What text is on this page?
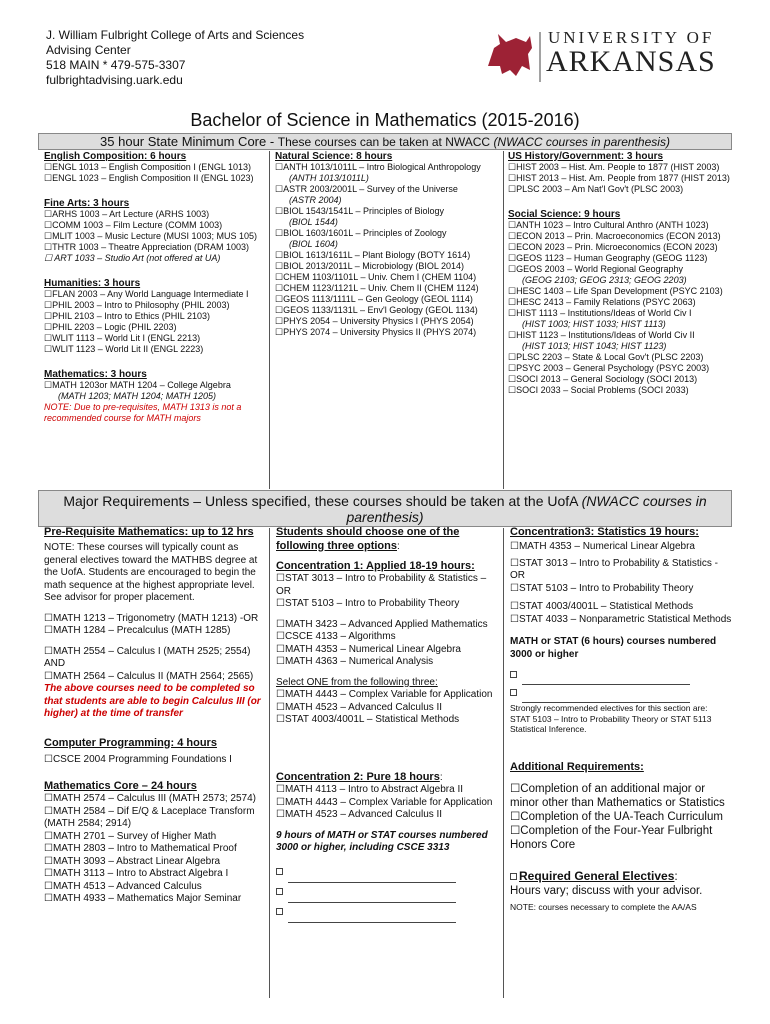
J. William Fulbright College of Arts and Sciences
Advising Center
518 MAIN * 479-575-3307
fulbrightadvising.uark.edu
UNIVERSITY OF
ARKANSAS
Bachelor of Science in Mathematics (2015-2016)
35 hour State Minimum Core - These courses can be taken at NWACC (NWACC courses in parenthesis)
English Composition: 6 hours
☐ENGL 1013 – English Composition I (ENGL 1013)
☐ENGL 1023 – English Composition II (ENGL 1023)
Fine Arts: 3 hours
☐ARHS 1003 – Art Lecture (ARHS 1003)
☐COMM 1003 – Film Lecture (COMM 1003)
☐MLIT 1003 – Music Lecture (MUSI 1003; MUS 105)
☐THTR 1003 – Theatre Appreciation (DRAM 1003)
☐ ART 1033 – Studio Art (not offered at UA)
Humanities: 3 hours
☐FLAN 2003 – Any World Language Intermediate I
☐PHIL 2003 – Intro to Philosophy (PHIL 2003)
☐PHIL 2103 – Intro to Ethics (PHIL 2103)
☐PHIL 2203 – Logic (PHIL 2203)
☐WLIT 1113 – World Lit I (ENGL 2213)
☐WLIT 1123 – World Lit II (ENGL 2223)
Mathematics: 3 hours
☐MATH 1203or MATH 1204 – College Algebra
(MATH 1203; MATH 1204; MATH 1205)
NOTE: Due to pre-requisites, MATH 1313 is not a recommended course for MATH majors
Natural Science: 8 hours
☐ANTH 1013/1011L – Intro Biological Anthropology
(ANTH 1013/1011L)
☐ASTR 2003/2001L – Survey of the Universe
(ASTR 2004)
☐BIOL 1543/1541L – Principles of Biology
(BIOL 1544)
☐BIOL 1603/1601L – Principles of Zoology
(BIOL 1604)
☐BIOL 1613/1611L – Plant Biology (BOTY 1614)
☐BIOL 2013/2011L – Microbiology (BIOL 2014)
☐CHEM 1103/1101L – Univ. Chem I (CHEM 1104)
☐CHEM 1123/1121L – Univ. Chem II (CHEM 1124)
☐GEOS 1113/1111L – Gen Geology (GEOL 1114)
☐GEOS 1133/1131L – Env'l Geology (GEOL 1134)
☐PHYS 2054 – University Physics I (PHYS 2054) ☐PHYS 2074 – University Physics II (PHYS 2074)
US History/Government: 3 hours
☐HIST 2003 – Hist. Am. People to 1877 (HIST 2003)
☐HIST 2013 – Hist. Am. People from 1877 (HIST 2013)
☐PLSC 2003 – Am Nat'l Gov't (PLSC 2003)
Social Science: 9 hours
☐ANTH 1023 – Intro Cultural Anthro (ANTH 1023)
☐ECON 2013 – Prin. Macroeconomics (ECON 2013)
☐ECON 2023 – Prin. Microeconomics (ECON 2023)
☐GEOS 1123 – Human Geography (GEOG 1123)
☐GEOS 2003 – World Regional Geography
(GEOG 2103; GEOG 2313; GEOG 2203)
☐HESC 1403 – Life Span Development (PSYC 2103)
☐HESC 2413 – Family Relations (PSYC 2063)
☐HIST 1113 – Institutions/Ideas of World Civ I
(HIST 1003; HIST 1033; HIST 1113)
☐HIST 1123 – Institutions/Ideas of World Civ II
(HIST 1013; HIST 1043; HIST 1123)
☐PLSC 2203 – State & Local Gov't (PLSC 2203)
☐PSYC 2003 – General Psychology (PSYC 2003)
☐SOCI 2013 – General Sociology (SOCI 2013)
☐SOCI 2033 – Social Problems (SOCI 2033)
Major Requirements – Unless specified, these courses should be taken at the UofA (NWACC courses in parenthesis)
Pre-Requisite Mathematics: up to 12 hrs
NOTE: These courses will typically count as general electives toward the MATHBS degree at the UofA. Students are encouraged to begin the math sequence at the highest appropriate level. See advisor for proper placement.
☐MATH 1213 – Trigonometry (MATH 1213) -OR
☐MATH 1284 – Precalculus (MATH 1285)
☐MATH 2554 – Calculus I (MATH 2525; 2554) AND
☐MATH 2564 – Calculus II (MATH 2564; 2565)
The above courses need to be completed so that students are able to begin Calculus III (or higher) at the time of transfer
Computer Programming: 4 hours
☐CSCE 2004 Programming Foundations I
Mathematics Core – 24 hours
☐MATH 2574 – Calculus III (MATH 2573; 2574)
☐MATH 2584 – Dif E/Q & Laceplace Transform (MATH 2584; 2914)
☐MATH 2701 – Survey of Higher Math
☐MATH 2803 – Intro to Mathematical Proof
☐MATH 3093 – Abstract Linear Algebra
☐MATH 3113 – Intro to Abstract Algebra I
☐MATH 4513 – Advanced Calculus
☐MATH 4933 – Mathematics Major Seminar
Students should choose one of the following three options:
Concentration 1: Applied 18-19 hours:
☐STAT 3013 – Intro to Probability & Statistics –OR
☐STAT 5103 – Intro to Probability Theory
☐MATH 3423 – Advanced Applied Mathematics
☐CSCE 4133 – Algorithms
☐MATH 4353 – Numerical Linear Algebra
☐MATH 4363 – Numerical Analysis
Select ONE from the following three:
☐MATH 4443 – Complex Variable for Application
☐MATH 4523 – Advanced Calculus II
☐STAT 4003/4001L – Statistical Methods
Concentration 2: Pure 18 hours:
☐MATH 4113 – Intro to Abstract Algebra II
☐MATH 4443 – Complex Variable for Application
☐MATH 4523 – Advanced Calculus II
9 hours of MATH or STAT courses numbered 3000 or higher, including CSCE 3313

Concentration3: Statistics 19 hours:
☐MATH 4353 – Numerical Linear Algebra
☐STAT 3013 – Intro to Probability & Statistics -OR
☐STAT 5103 – Intro to Probability Theory
☐STAT 4003/4001L – Statistical Methods
☐STAT 4033 – Nonparametric Statistical Methods
MATH or STAT (6 hours) courses numbered 3000 or higher

Strongly recommended electives for this section are:
STAT 5103 – Intro to Probability Theory or STAT 5113 Statistical Inference.
Additional Requirements:
☐Completion of an additional major or minor other than Mathematics or Statistics
☐Completion of the UA-Teach Curriculum
☐Completion of the Four-Year Fulbright Honors Core
Required General Electives:
Hours vary; discuss with your advisor.
NOTE: courses necessary to complete the AA/AS
